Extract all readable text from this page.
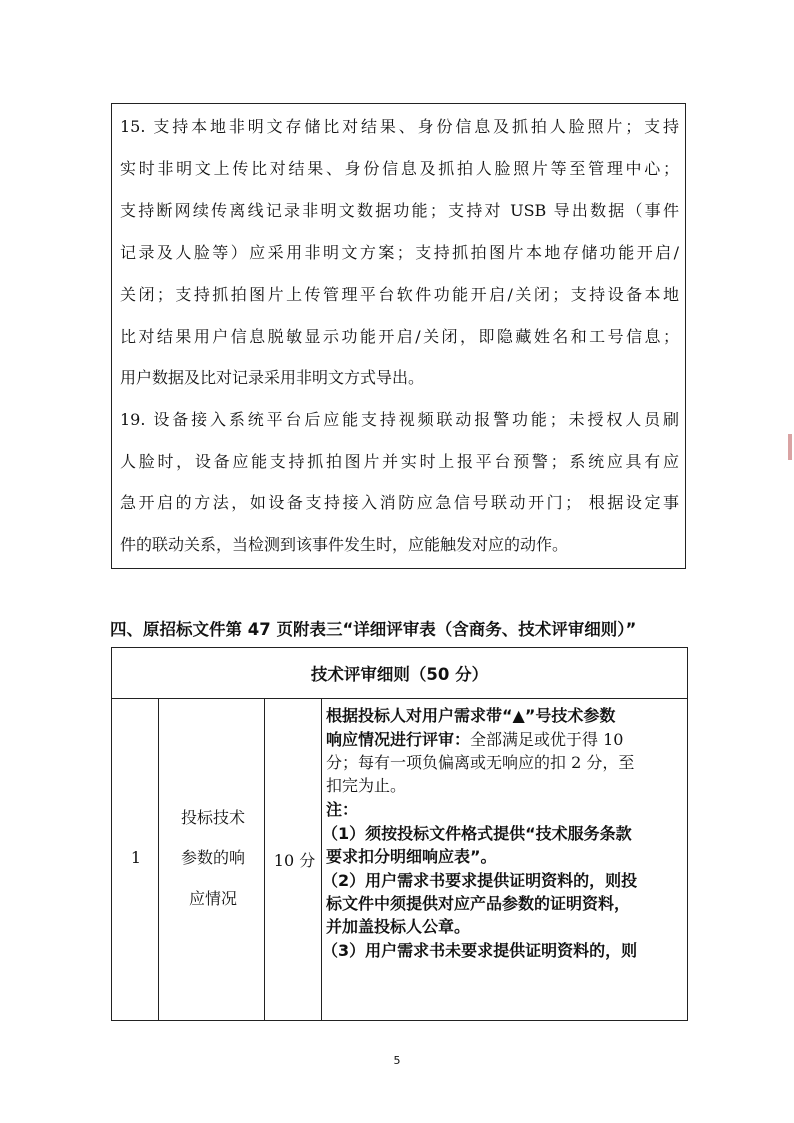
15. 支持本地非明文存储比对结果、身份信息及抓拍人脸照片；支持
实时非明文上传比对结果、身份信息及抓拍人脸照片等至管理中心；
支持断网续传离线记录非明文数据功能；支持对 USB 导出数据（事件
记录及人脸等）应采用非明文方案；支持抓拍图片本地存储功能开启/
关闭；支持抓拍图片上传管理平台软件功能开启/关闭；支持设备本地
比对结果用户信息脱敏显示功能开启/关闭，即隐藏姓名和工号信息；
用户数据及比对记录采用非明文方式导出。
19. 设备接入系统平台后应能支持视频联动报警功能；未授权人员刷
人脸时，设备应能支持抓拍图片并实时上报平台预警；系统应具有应
急开启的方法，如设备支持接入消防应急信号联动开门； 根据设定事
件的联动关系，当检测到该事件发生时，应能触发对应的动作。
四、原招标文件第 47 页附表三“详细评审表（含商务、技术评审细则）”
技术评审细则（50 分）
1
投标技术
参数的响
应情况
10 分
根据投标人对用户需求带“▲”号技术参数
响应情况进行评审：全部满足或优于得 10
分；每有一项负偏离或无响应的扣 2 分，至
扣完为止。
注：
（1）须按投标文件格式提供“技术服务条款
要求扣分明细响应表”。
（2）用户需求书要求提供证明资料的，则投
标文件中须提供对应产品参数的证明资料，
并加盖投标人公章。
（3）用户需求书未要求提供证明资料的，则
5
